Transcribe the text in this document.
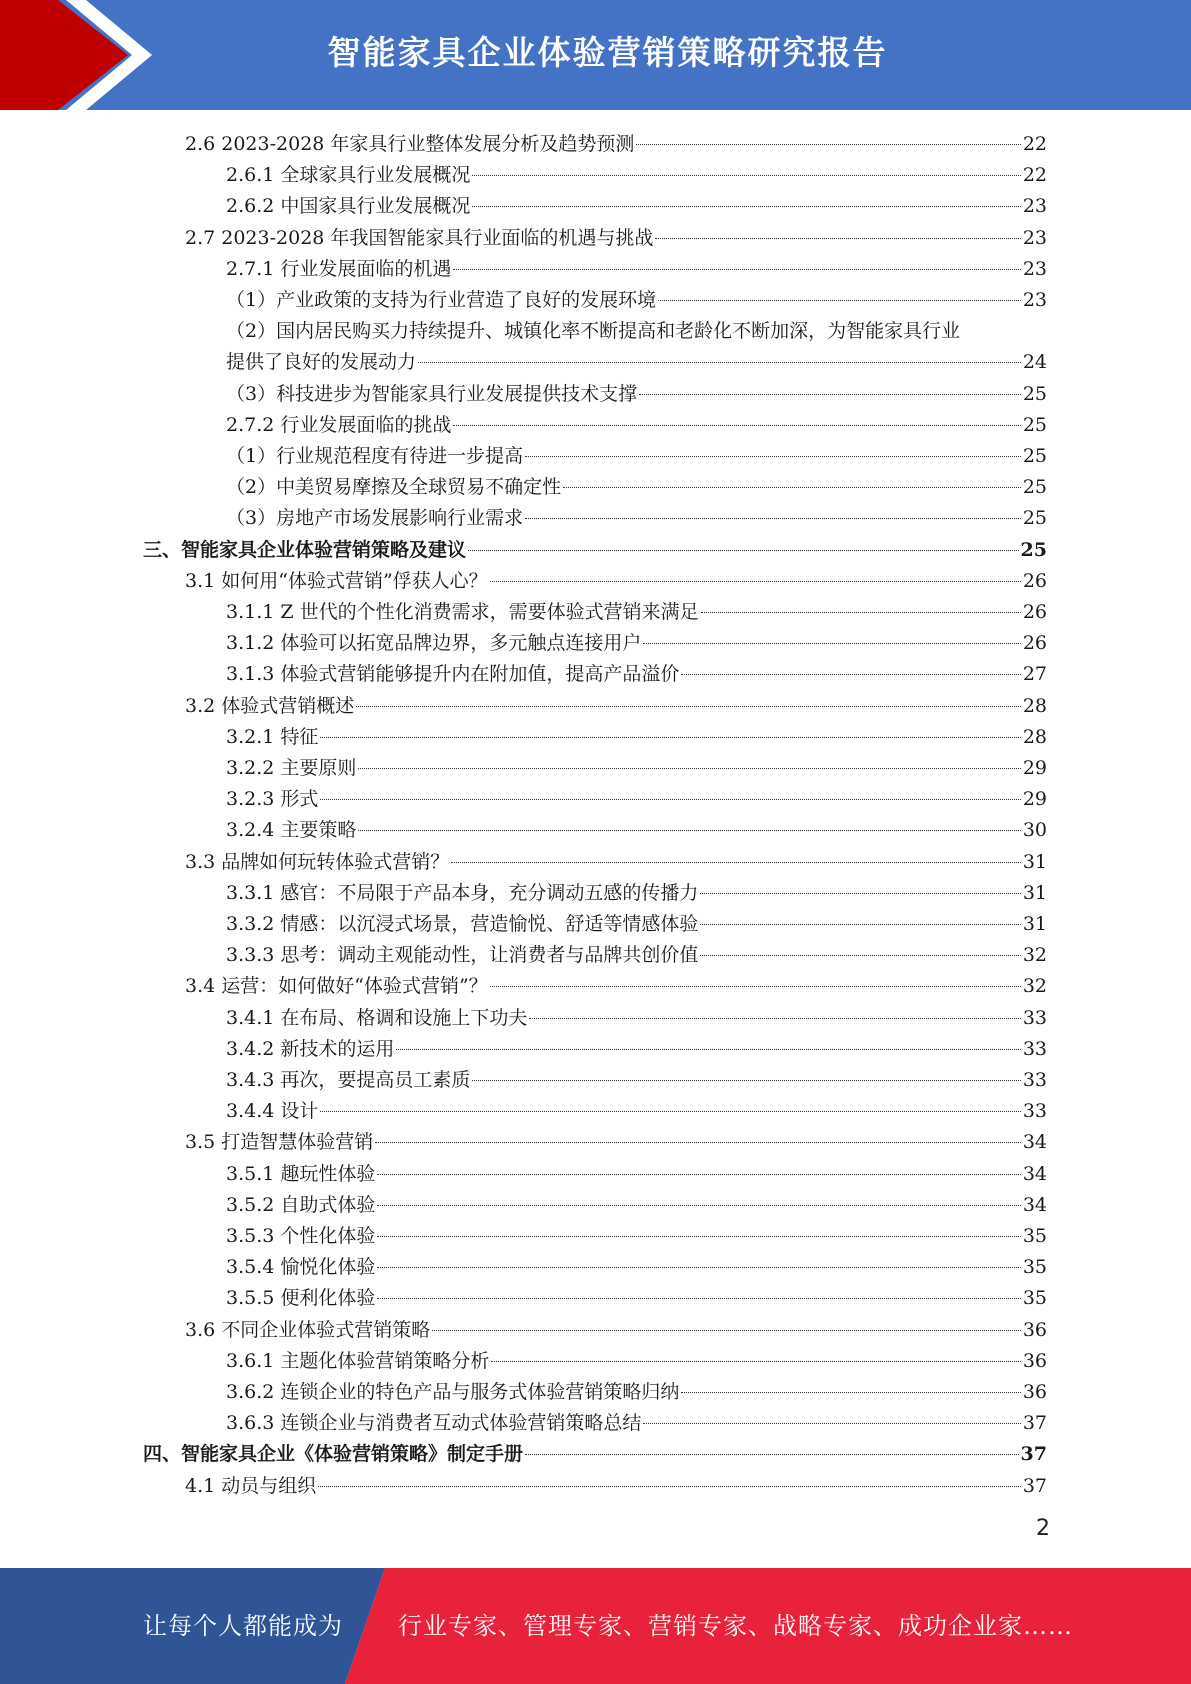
智能家具企业体验营销策略研究报告
2.6 2023-2028 年家具行业整体发展分析及趋势预测	22
2.6.1 全球家具行业发展概况	22
2.6.2 中国家具行业发展概况	23
2.7 2023-2028 年我国智能家具行业面临的机遇与挑战	23
2.7.1 行业发展面临的机遇	23
（1）产业政策的支持为行业营造了良好的发展环境	23
（2）国内居民购买力持续提升、城镇化率不断提高和老龄化不断加深，为智能家具行业
提供了良好的发展动力	24
（3）科技进步为智能家具行业发展提供技术支撑	25
2.7.2 行业发展面临的挑战	25
（1）行业规范程度有待进一步提高	25
（2）中美贸易摩擦及全球贸易不确定性	25
（3）房地产市场发展影响行业需求	25
三、智能家具企业体验营销策略及建议	25
3.1 如何用“体验式营销”俘获人心？	26
3.1.1 Z 世代的个性化消费需求，需要体验式营销来满足	26
3.1.2 体验可以拓宽品牌边界，多元触点连接用户	26
3.1.3 体验式营销能够提升内在附加值，提高产品溢价	27
3.2 体验式营销概述	28
3.2.1 特征	28
3.2.2 主要原则	29
3.2.3 形式	29
3.2.4 主要策略	30
3.3 品牌如何玩转体验式营销？	31
3.3.1 感官：不局限于产品本身，充分调动五感的传播力	31
3.3.2 情感：以沉浸式场景，营造愉悦、舒适等情感体验	31
3.3.3 思考：调动主观能动性，让消费者与品牌共创价值	32
3.4 运营：如何做好“体验式营销”？	32
3.4.1 在布局、格调和设施上下功夫	33
3.4.2 新技术的运用	33
3.4.3 再次，要提高员工素质	33
3.4.4 设计	33
3.5 打造智慧体验营销	34
3.5.1 趣玩性体验	34
3.5.2 自助式体验	34
3.5.3 个性化体验	35
3.5.4 愉悦化体验	35
3.5.5 便利化体验	35
3.6 不同企业体验式营销策略	36
3.6.1 主题化体验营销策略分析	36
3.6.2 连锁企业的特色产品与服务式体验营销策略归纳	36
3.6.3 连锁企业与消费者互动式体验营销策略总结	37
四、智能家具企业《体验营销策略》制定手册	37
4.1 动员与组织	37
2
让每个人都能成为 行业专家、管理专家、营销专家、战略专家、成功企业家……
